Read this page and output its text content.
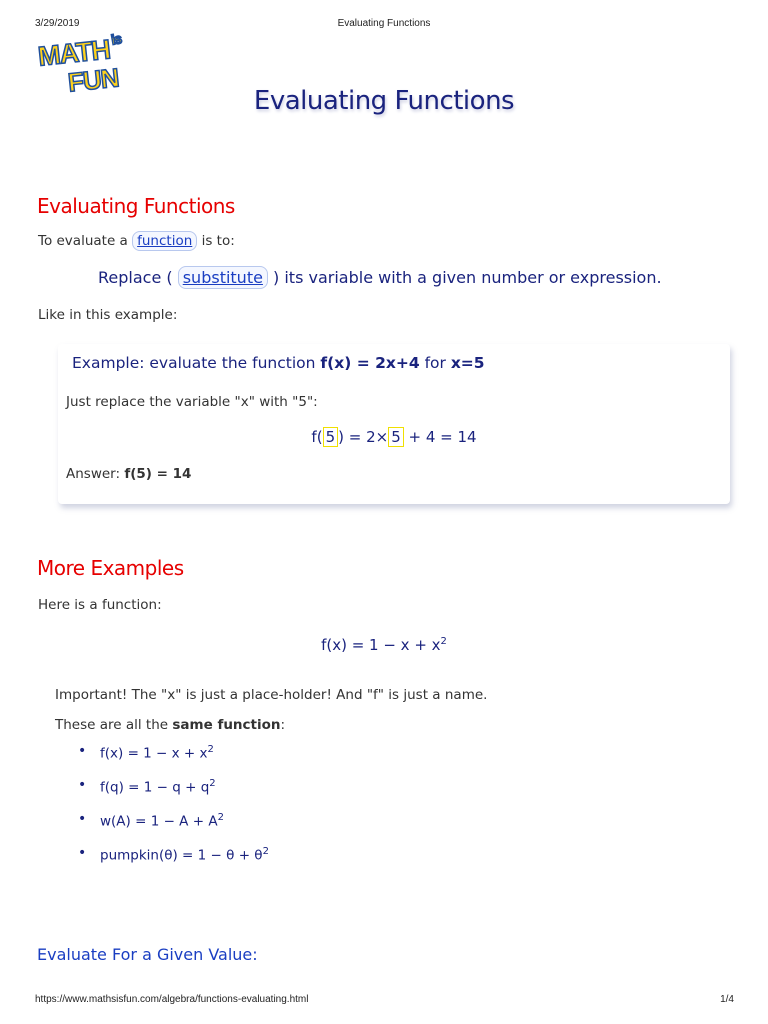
3/29/2019	Evaluating Functions
MATH
is
FUN
Evaluating Functions
Evaluating Functions
To evaluate a function is to:
Replace ( substitute ) its variable with a given number or expression.
Like in this example:
Example: evaluate the function f(x) = 2x+4 for x=5
Just replace the variable "x" with "5":
f( 5 ) = 2× 5 + 4 = 14
Answer: f(5) = 14
More Examples
Here is a function:
$f(x) = 1 - x + x^2$
Important! The "x" is just a place-holder! And "f" is just a name.
These are all the same function:
• $f(x) = 1 - x + x^2$
• $f(q) = 1 - q + q^2$
• $w(A) = 1 - A + A^2$
• pumpkin(θ) = $1 - \theta + \theta^2$
Evaluate For a Given Value:
https://www.mathsisfun.com/algebra/functions-evaluating.html	1/4
